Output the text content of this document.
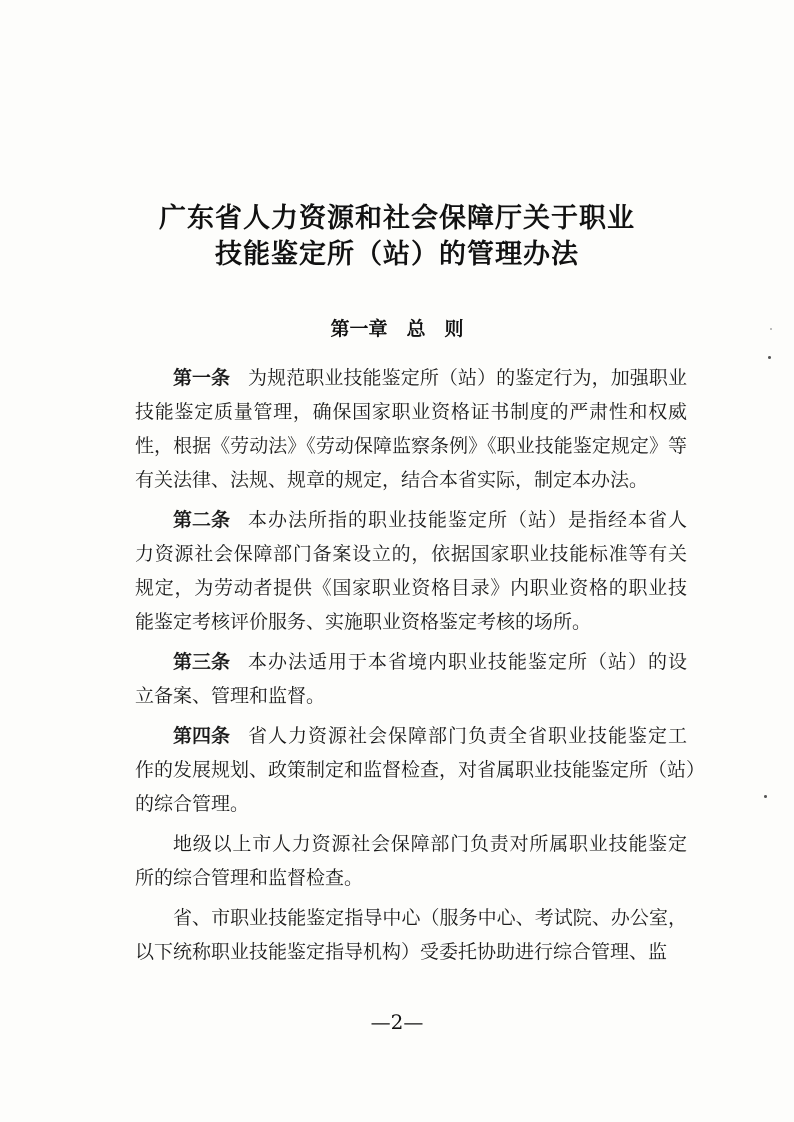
广东省人力资源和社会保障厅关于职业
技能鉴定所（站）的管理办法
第一章　总　则
第一条 为规范职业技能鉴定所（站）的鉴定行为，加强职业
技能鉴定质量管理，确保国家职业资格证书制度的严肃性和权威
性，根据《劳动法》《劳动保障监察条例》《职业技能鉴定规定》等
有关法律、法规、规章的规定，结合本省实际，制定本办法。
第二条 本办法所指的职业技能鉴定所（站）是指经本省人
力资源社会保障部门备案设立的，依据国家职业技能标准等有关
规定，为劳动者提供《国家职业资格目录》内职业资格的职业技
能鉴定考核评价服务、实施职业资格鉴定考核的场所。
第三条 本办法适用于本省境内职业技能鉴定所（站）的设
立备案、管理和监督。
第四条 省人力资源社会保障部门负责全省职业技能鉴定工
作的发展规划、政策制定和监督检查，对省属职业技能鉴定所（站）
的综合管理。
地级以上市人力资源社会保障部门负责对所属职业技能鉴定
所的综合管理和监督检查。
省、市职业技能鉴定指导中心（服务中心、考试院、办公室，
以下统称职业技能鉴定指导机构）受委托协助进行综合管理、监
—2—
